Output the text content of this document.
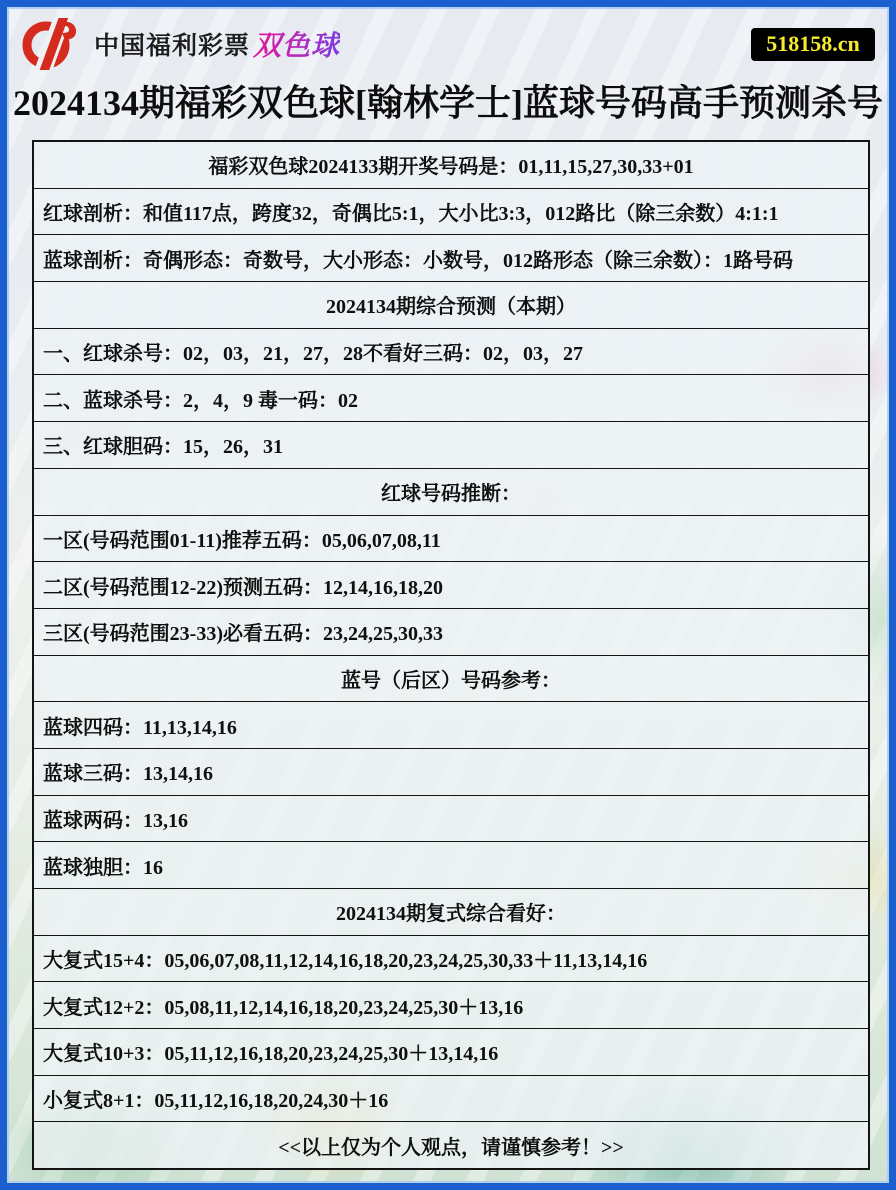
中国福利彩票 双色球	518158.cn
2024134期福彩双色球[翰林学士]蓝球号码高手预测杀号
福彩双色球2024133期开奖号码是：01,11,15,27,30,33+01
红球剖析：和值117点，跨度32，奇偶比5:1，大小比3:3，012路比（除三余数）4:1:1
蓝球剖析：奇偶形态：奇数号，大小形态：小数号，012路形态（除三余数）：1路号码
2024134期综合预测（本期）
一、红球杀号：02，03，21，27，28不看好三码：02，03，27
二、蓝球杀号：2，4，9 毒一码：02
三、红球胆码：15，26，31
红球号码推断：
一区(号码范围01-11)推荐五码：05,06,07,08,11
二区(号码范围12-22)预测五码：12,14,16,18,20
三区(号码范围23-33)必看五码：23,24,25,30,33
蓝号（后区）号码参考：
蓝球四码：11,13,14,16
蓝球三码：13,14,16
蓝球两码：13,16
蓝球独胆：16
2024134期复式综合看好：
大复式15+4：05,06,07,08,11,12,14,16,18,20,23,24,25,30,33＋11,13,14,16
大复式12+2：05,08,11,12,14,16,18,20,23,24,25,30＋13,16
大复式10+3：05,11,12,16,18,20,23,24,25,30＋13,14,16
小复式8+1：05,11,12,16,18,20,24,30＋16
<<以上仅为个人观点，请谨慎参考！>>
